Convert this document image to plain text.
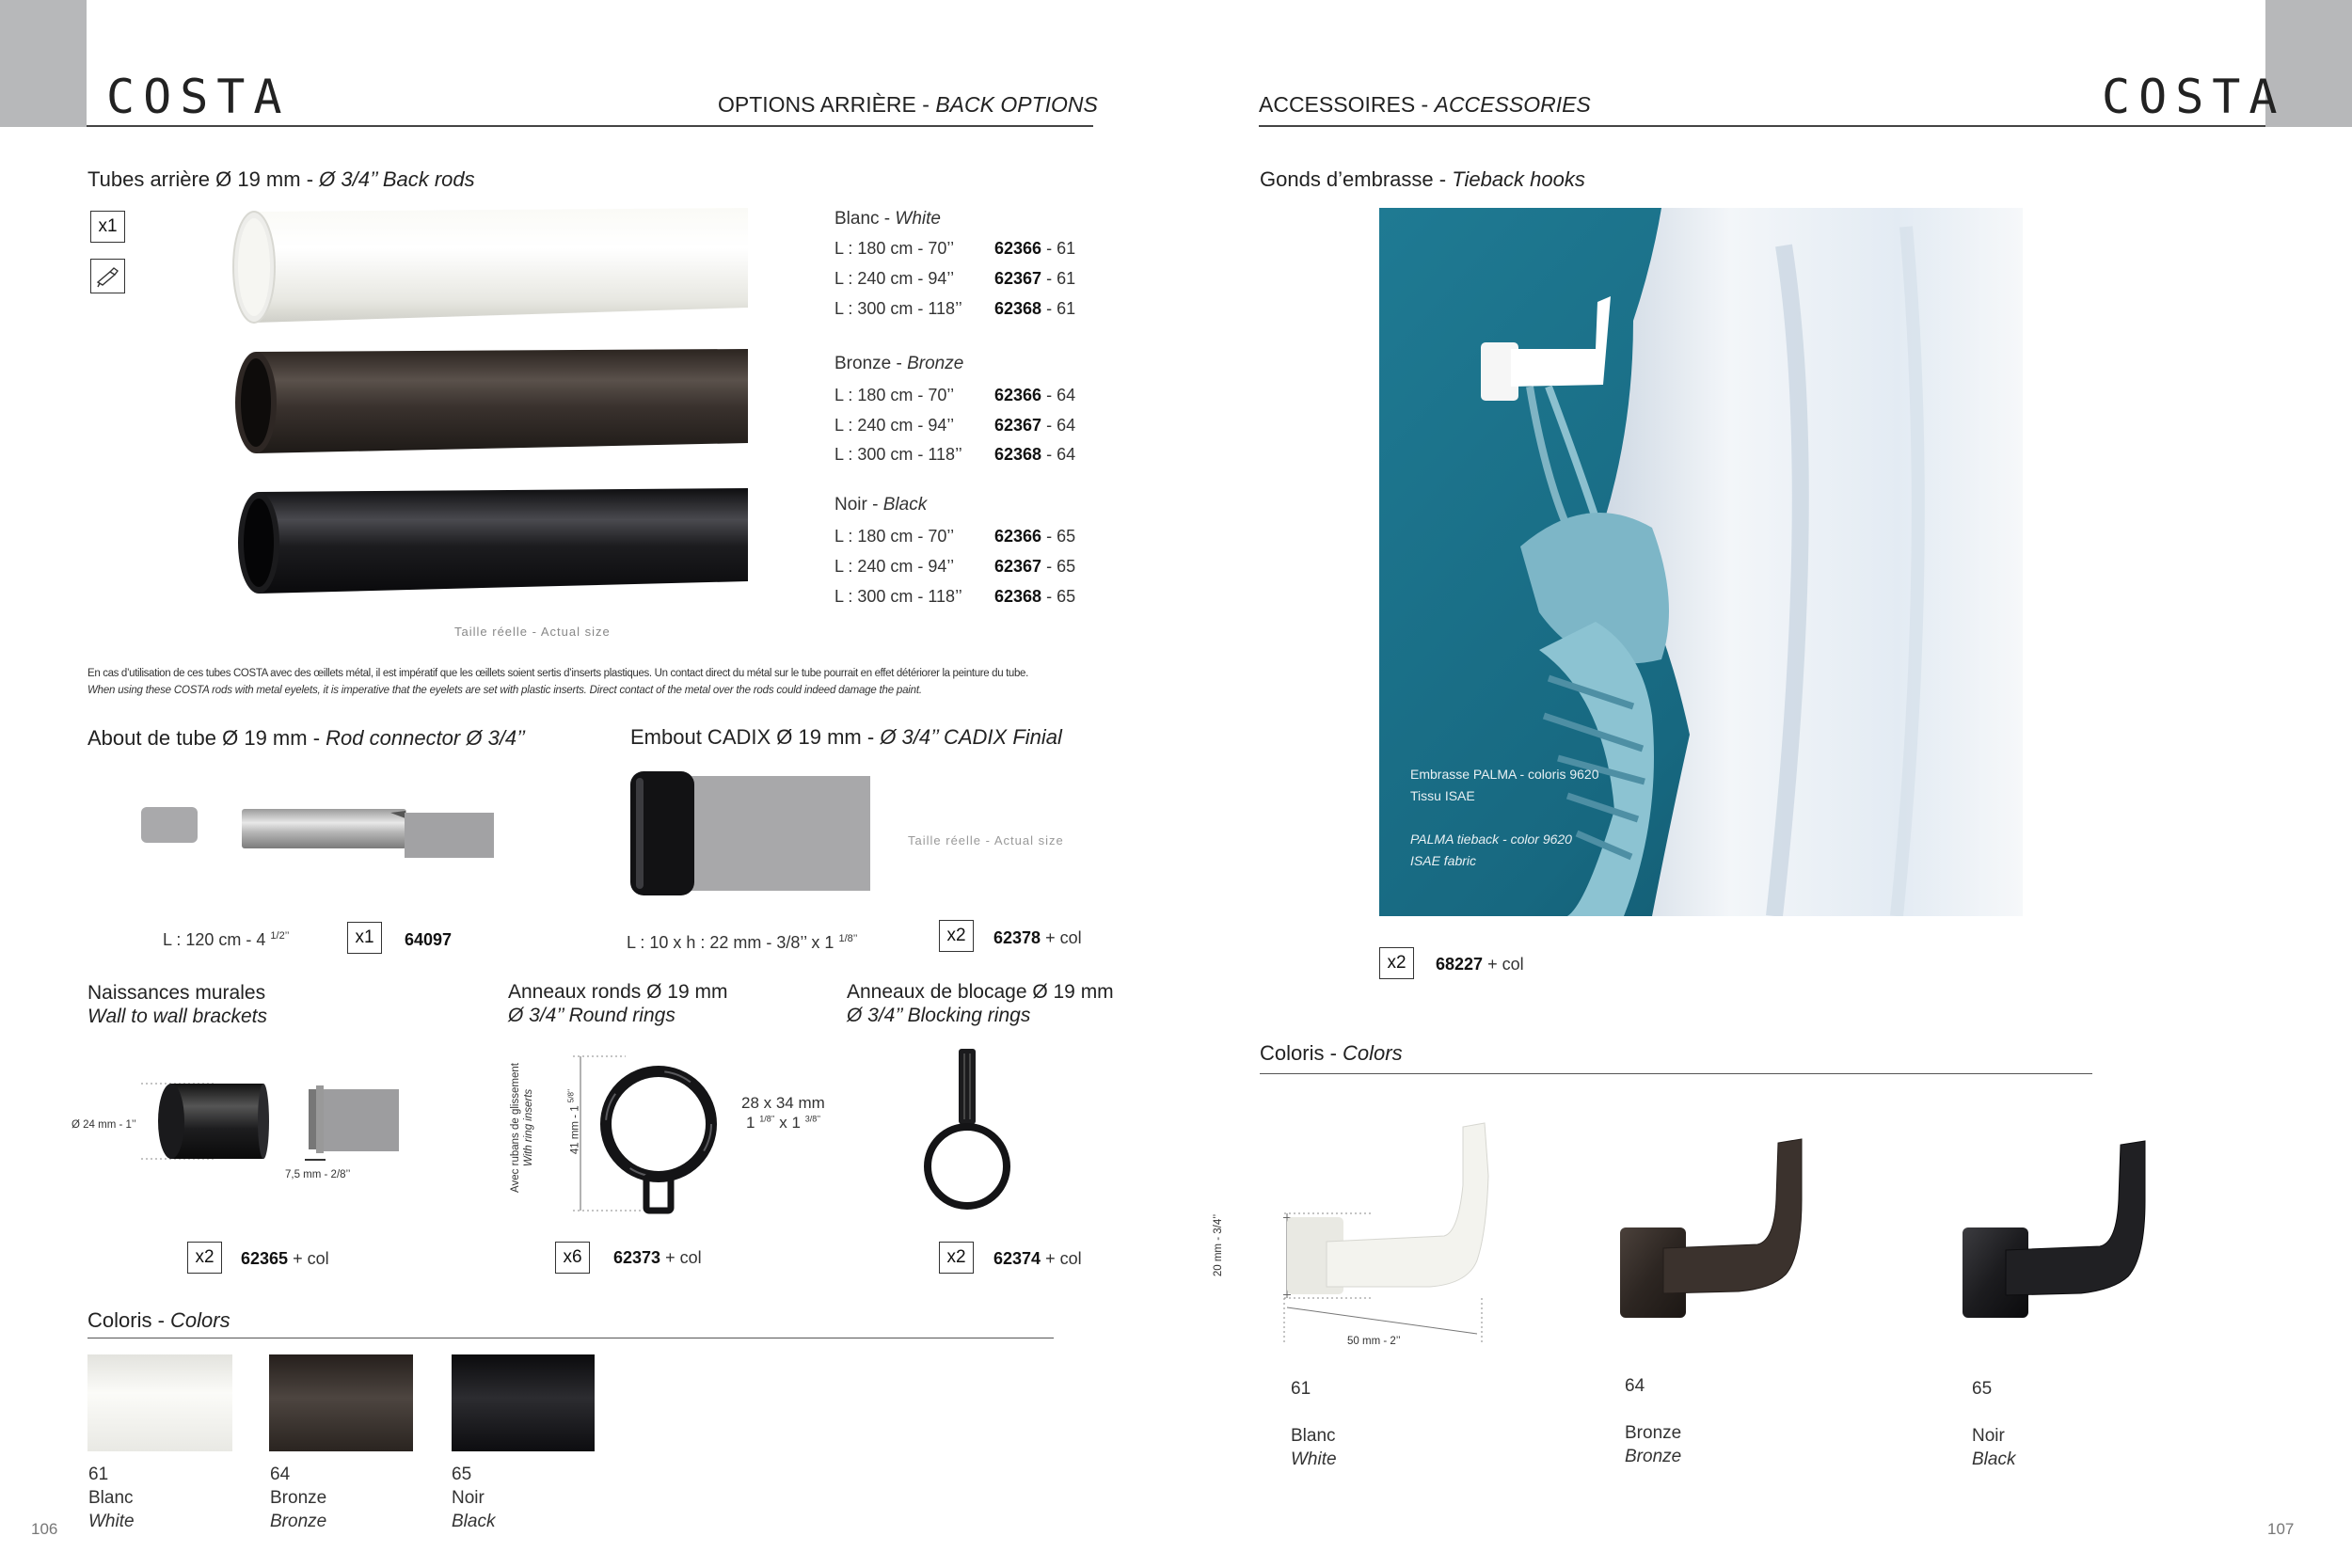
COSTA	OPTIONS ARRIÈRE - BACK OPTIONS	ACCESSOIRES - ACCESSORIES	COSTA
Tubes arrière Ø 19 mm - Ø 3/4’’ Back rods
x1
Taille réelle - Actual size
Blanc - White
L : 180 cm - 70’’ 62366 - 61
L : 240 cm - 94’’ 62367 - 61
L : 300 cm - 118’’ 62368 - 61
Bronze - Bronze
L : 180 cm - 70’’ 62366 - 64
L : 240 cm - 94’’ 62367 - 64
L : 300 cm - 118’’ 62368 - 64
Noir - Black
L : 180 cm - 70’’ 62366 - 65
L : 240 cm - 94’’ 62367 - 65
L : 300 cm - 118’’ 62368 - 65
En cas d’utilisation de ces tubes COSTA avec des œillets métal, il est impératif que les œillets soient sertis d’inserts plastiques. Un contact direct du métal sur le tube pourrait en effet détériorer la peinture du tube.
When using these COSTA rods with metal eyelets, it is imperative that the eyelets are set with plastic inserts. Direct contact of the metal over the rods could indeed damage the paint.
About de tube Ø 19 mm - Rod connector Ø 3/4’’
L : 120 cm - 4 $^{1/2’’}$	x1	64097
Embout CADIX Ø 19 mm - Ø 3/4’’ CADIX Finial
Taille réelle - Actual size
L : 10 x h : 22 mm - 3/8’’ x 1 $^{1/8’’}$	x2	62378 + col
Naissances murales
Wall to wall brackets
Ø 24 mm - 1’’
7,5 mm - 2/8’’
x2	62365 + col
Anneaux ronds Ø 19 mm
Ø 3/4’’ Round rings
Avec rubans de glissement With ring inserts	41 mm - 1 $^{5/8’’}$	28 x 34 mm
1 $^{1/8’’}$ x 1 $^{3/8’’}$
x6	62373 + col
Anneaux de blocage Ø 19 mm
Ø 3/4’’ Blocking rings
x2	62374 + col
Coloris - Colors
61
Blanc
White
64
Bronze
Bronze
65
Noir
Black
106
Gonds d’embrasse - Tieback hooks
Embrasse PALMA - coloris 9620
Tissu ISAE
PALMA tieback - color 9620
ISAE fabric
x2	68227 + col
Coloris - Colors
20 mm - 3/4’’
50 mm - 2’’
61

Blanc
White
64

Bronze
Bronze
65

Noir
Black
107
